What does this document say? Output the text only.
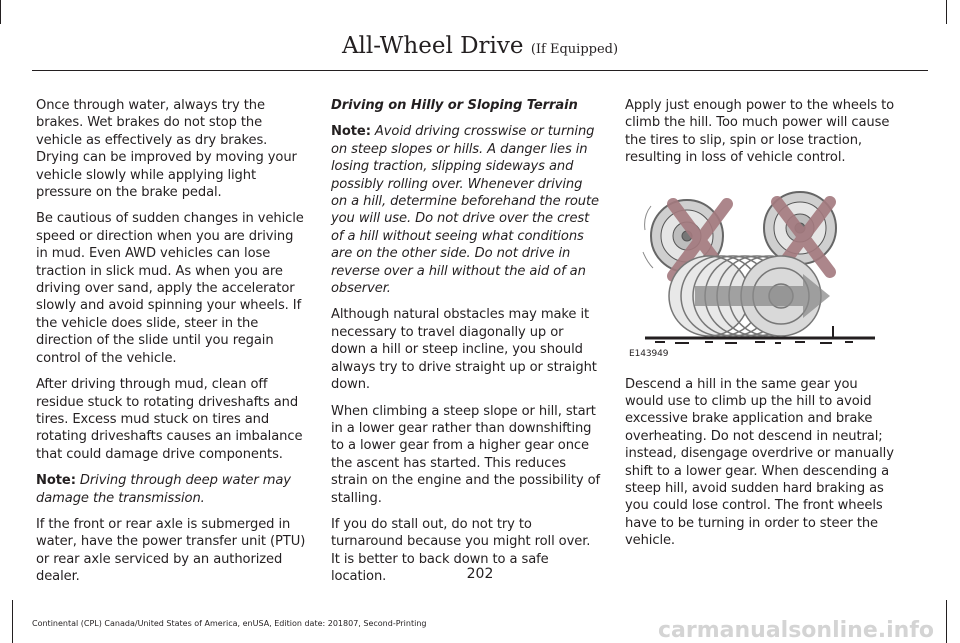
All-Wheel Drive (If Equipped)

Once through water, always try the brakes. Wet brakes do not stop the vehicle as effectively as dry brakes. Drying can be improved by moving your vehicle slowly while applying light pressure on the brake pedal.

Be cautious of sudden changes in vehicle speed or direction when you are driving in mud. Even AWD vehicles can lose traction in slick mud. As when you are driving over sand, apply the accelerator slowly and avoid spinning your wheels. If the vehicle does slide, steer in the direction of the slide until you regain control of the vehicle.

After driving through mud, clean off residue stuck to rotating driveshafts and tires. Excess mud stuck on tires and rotating driveshafts causes an imbalance that could damage drive components.

Note: Driving through deep water may damage the transmission.

If the front or rear axle is submerged in water, have the power transfer unit (PTU) or rear axle serviced by an authorized dealer.

Driving on Hilly or Sloping Terrain

Note: Avoid driving crosswise or turning on steep slopes or hills. A danger lies in losing traction, slipping sideways and possibly rolling over. Whenever driving on a hill, determine beforehand the route you will use. Do not drive over the crest of a hill without seeing what conditions are on the other side. Do not drive in reverse over a hill without the aid of an observer.

Although natural obstacles may make it necessary to travel diagonally up or down a hill or steep incline, you should always try to drive straight up or straight down.

When climbing a steep slope or hill, start in a lower gear rather than downshifting to a lower gear from a higher gear once the ascent has started. This reduces strain on the engine and the possibility of stalling.

If you do stall out, do not try to turnaround because you might roll over. It is better to back down to a safe location.

Apply just enough power to the wheels to climb the hill. Too much power will cause the tires to slip, spin or lose traction, resulting in loss of vehicle control.

E143949

Descend a hill in the same gear you would use to climb up the hill to avoid excessive brake application and brake overheating. Do not descend in neutral; instead, disengage overdrive or manually shift to a lower gear. When descending a steep hill, avoid sudden hard braking as you could lose control. The front wheels have to be turning in order to steer the vehicle.

202
Continental (CPL) Canada/United States of America, enUSA, Edition date: 201807, Second-Printing	carmanualsonline.info
